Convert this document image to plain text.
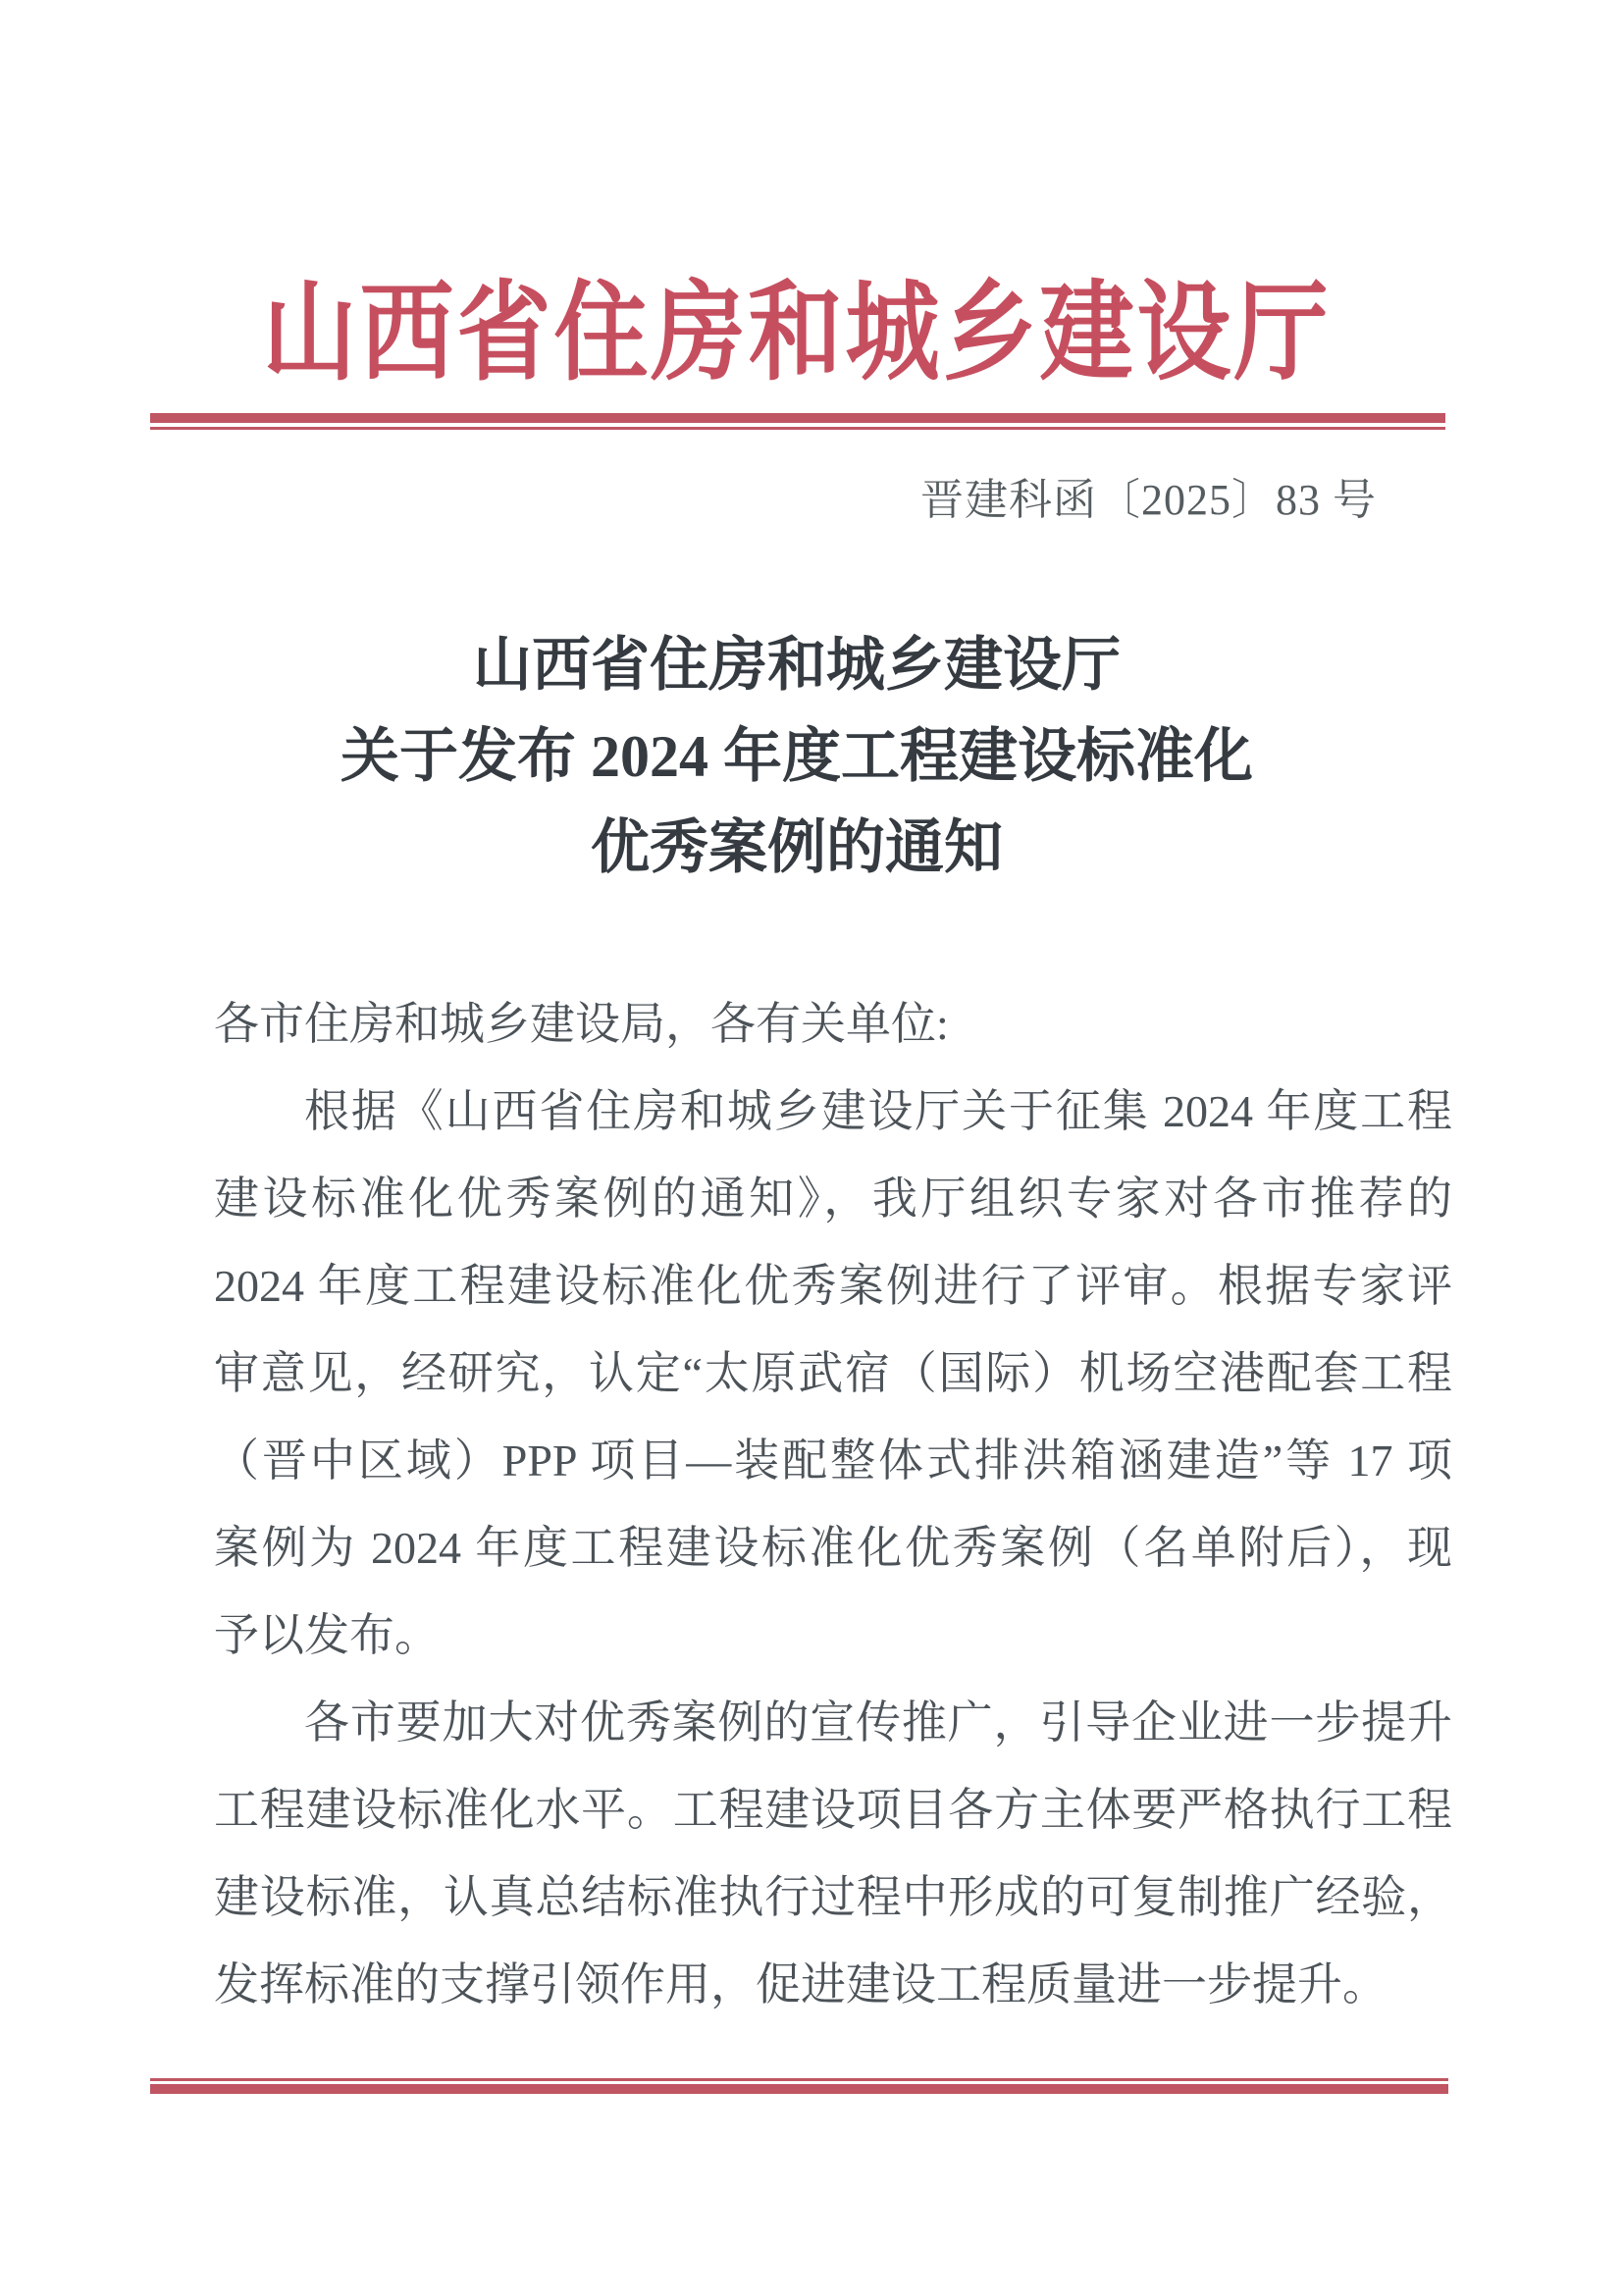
山西省住房和城乡建设厅
晋建科函〔2025〕83 号
山西省住房和城乡建设厅
关于发布 2024 年度工程建设标准化
优秀案例的通知
各市住房和城乡建设局，各有关单位:
根据《山西省住房和城乡建设厅关于征集 2024 年度工程
建设标准化优秀案例的通知》，我厅组织专家对各市推荐的
2024 年度工程建设标准化优秀案例进行了评审。根据专家评
审意见，经研究，认定“太原武宿（国际）机场空港配套工程
（晋中区域）PPP 项目—装配整体式排洪箱涵建造”等 17 项
案例为 2024 年度工程建设标准化优秀案例（名单附后），现
予以发布。
各市要加大对优秀案例的宣传推广，引导企业进一步提升
工程建设标准化水平。工程建设项目各方主体要严格执行工程
建设标准，认真总结标准执行过程中形成的可复制推广经验，
发挥标准的支撑引领作用，促进建设工程质量进一步提升。
